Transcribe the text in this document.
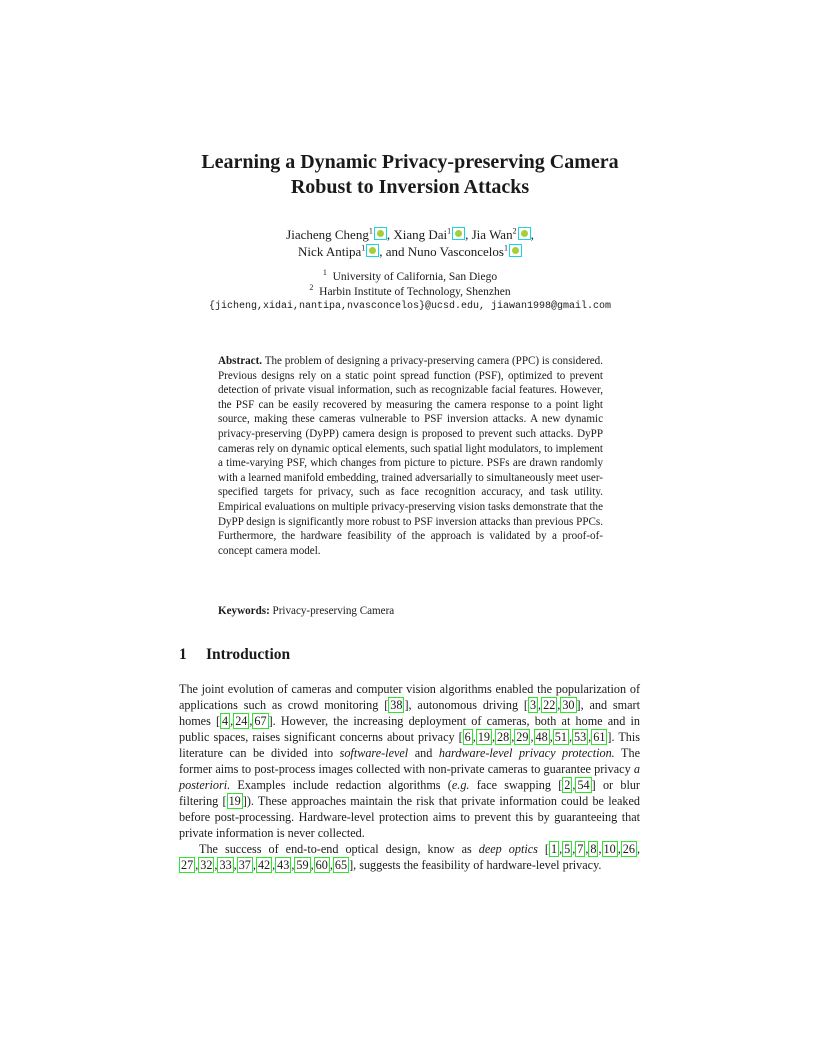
Learning a Dynamic Privacy-preserving Camera
Robust to Inversion Attacks
Jiacheng Cheng$^1$ , Xiang Dai$^1$ , Jia Wan$^2$ ,
Nick Antipa$^1$ , and Nuno Vasconcelos$^1$
$^1$ University of California, San Diego
$^2$ Harbin Institute of Technology, Shenzhen
{jicheng,xidai,nantipa,nvasconcelos}@ucsd.edu, jiawan1998@gmail.com
Abstract. The problem of designing a privacy-preserving camera (PPC) is considered. Previous designs rely on a static point spread function (PSF), optimized to prevent detection of private visual information, such as recognizable facial features. However, the PSF can be easily recovered by measuring the camera response to a point light source, making these cameras vulnerable to PSF inversion attacks. A new dynamic privacy-preserving (DyPP) camera design is proposed to prevent such attacks. DyPP cameras rely on dynamic optical elements, such spatial light modulators, to implement a time-varying PSF, which changes from picture to picture. PSFs are drawn randomly with a learned manifold embedding, trained adversarially to simultaneously meet user-specified targets for privacy, such as face recognition accuracy, and task utility. Empirical evaluations on multiple privacy-preserving vision tasks demonstrate that the DyPP design is significantly more robust to PSF inversion attacks than previous PPCs. Furthermore, the hardware feasibility of the approach is validated by a proof-of-concept camera model.
Keywords: Privacy-preserving Camera
1 Introduction

The joint evolution of cameras and computer vision algorithms enabled the popularization of applications such as crowd monitoring [ 38 ], autonomous driving [ 3 , 22 , 30 ], and smart homes [ 4 , 24 , 67 ]. However, the increasing deployment of cameras, both at home and in public spaces, raises significant concerns about privacy [ 6 , 19 , 28 , 29 , 48 , 51 , 53 , 61 ]. This literature can be divided into software-level and hardware-level privacy protection. The former aims to post-process images collected with non-private cameras to guarantee privacy a posteriori. Examples include redaction algorithms (e.g. face swapping [ 2 , 54 ] or blur filtering [ 19 ]). These approaches maintain the risk that private information could be leaked before post-processing. Hardware-level protection aims to prevent this by guaranteeing that private information is never collected.

The success of end-to-end optical design, know as deep optics [ 1 , 5 , 7 , 8 , 10 , 26 , 27 , 32 , 33 , 37 , 42 , 43 , 59 , 60 , 65 ], suggests the feasibility of hardware-level privacy.
